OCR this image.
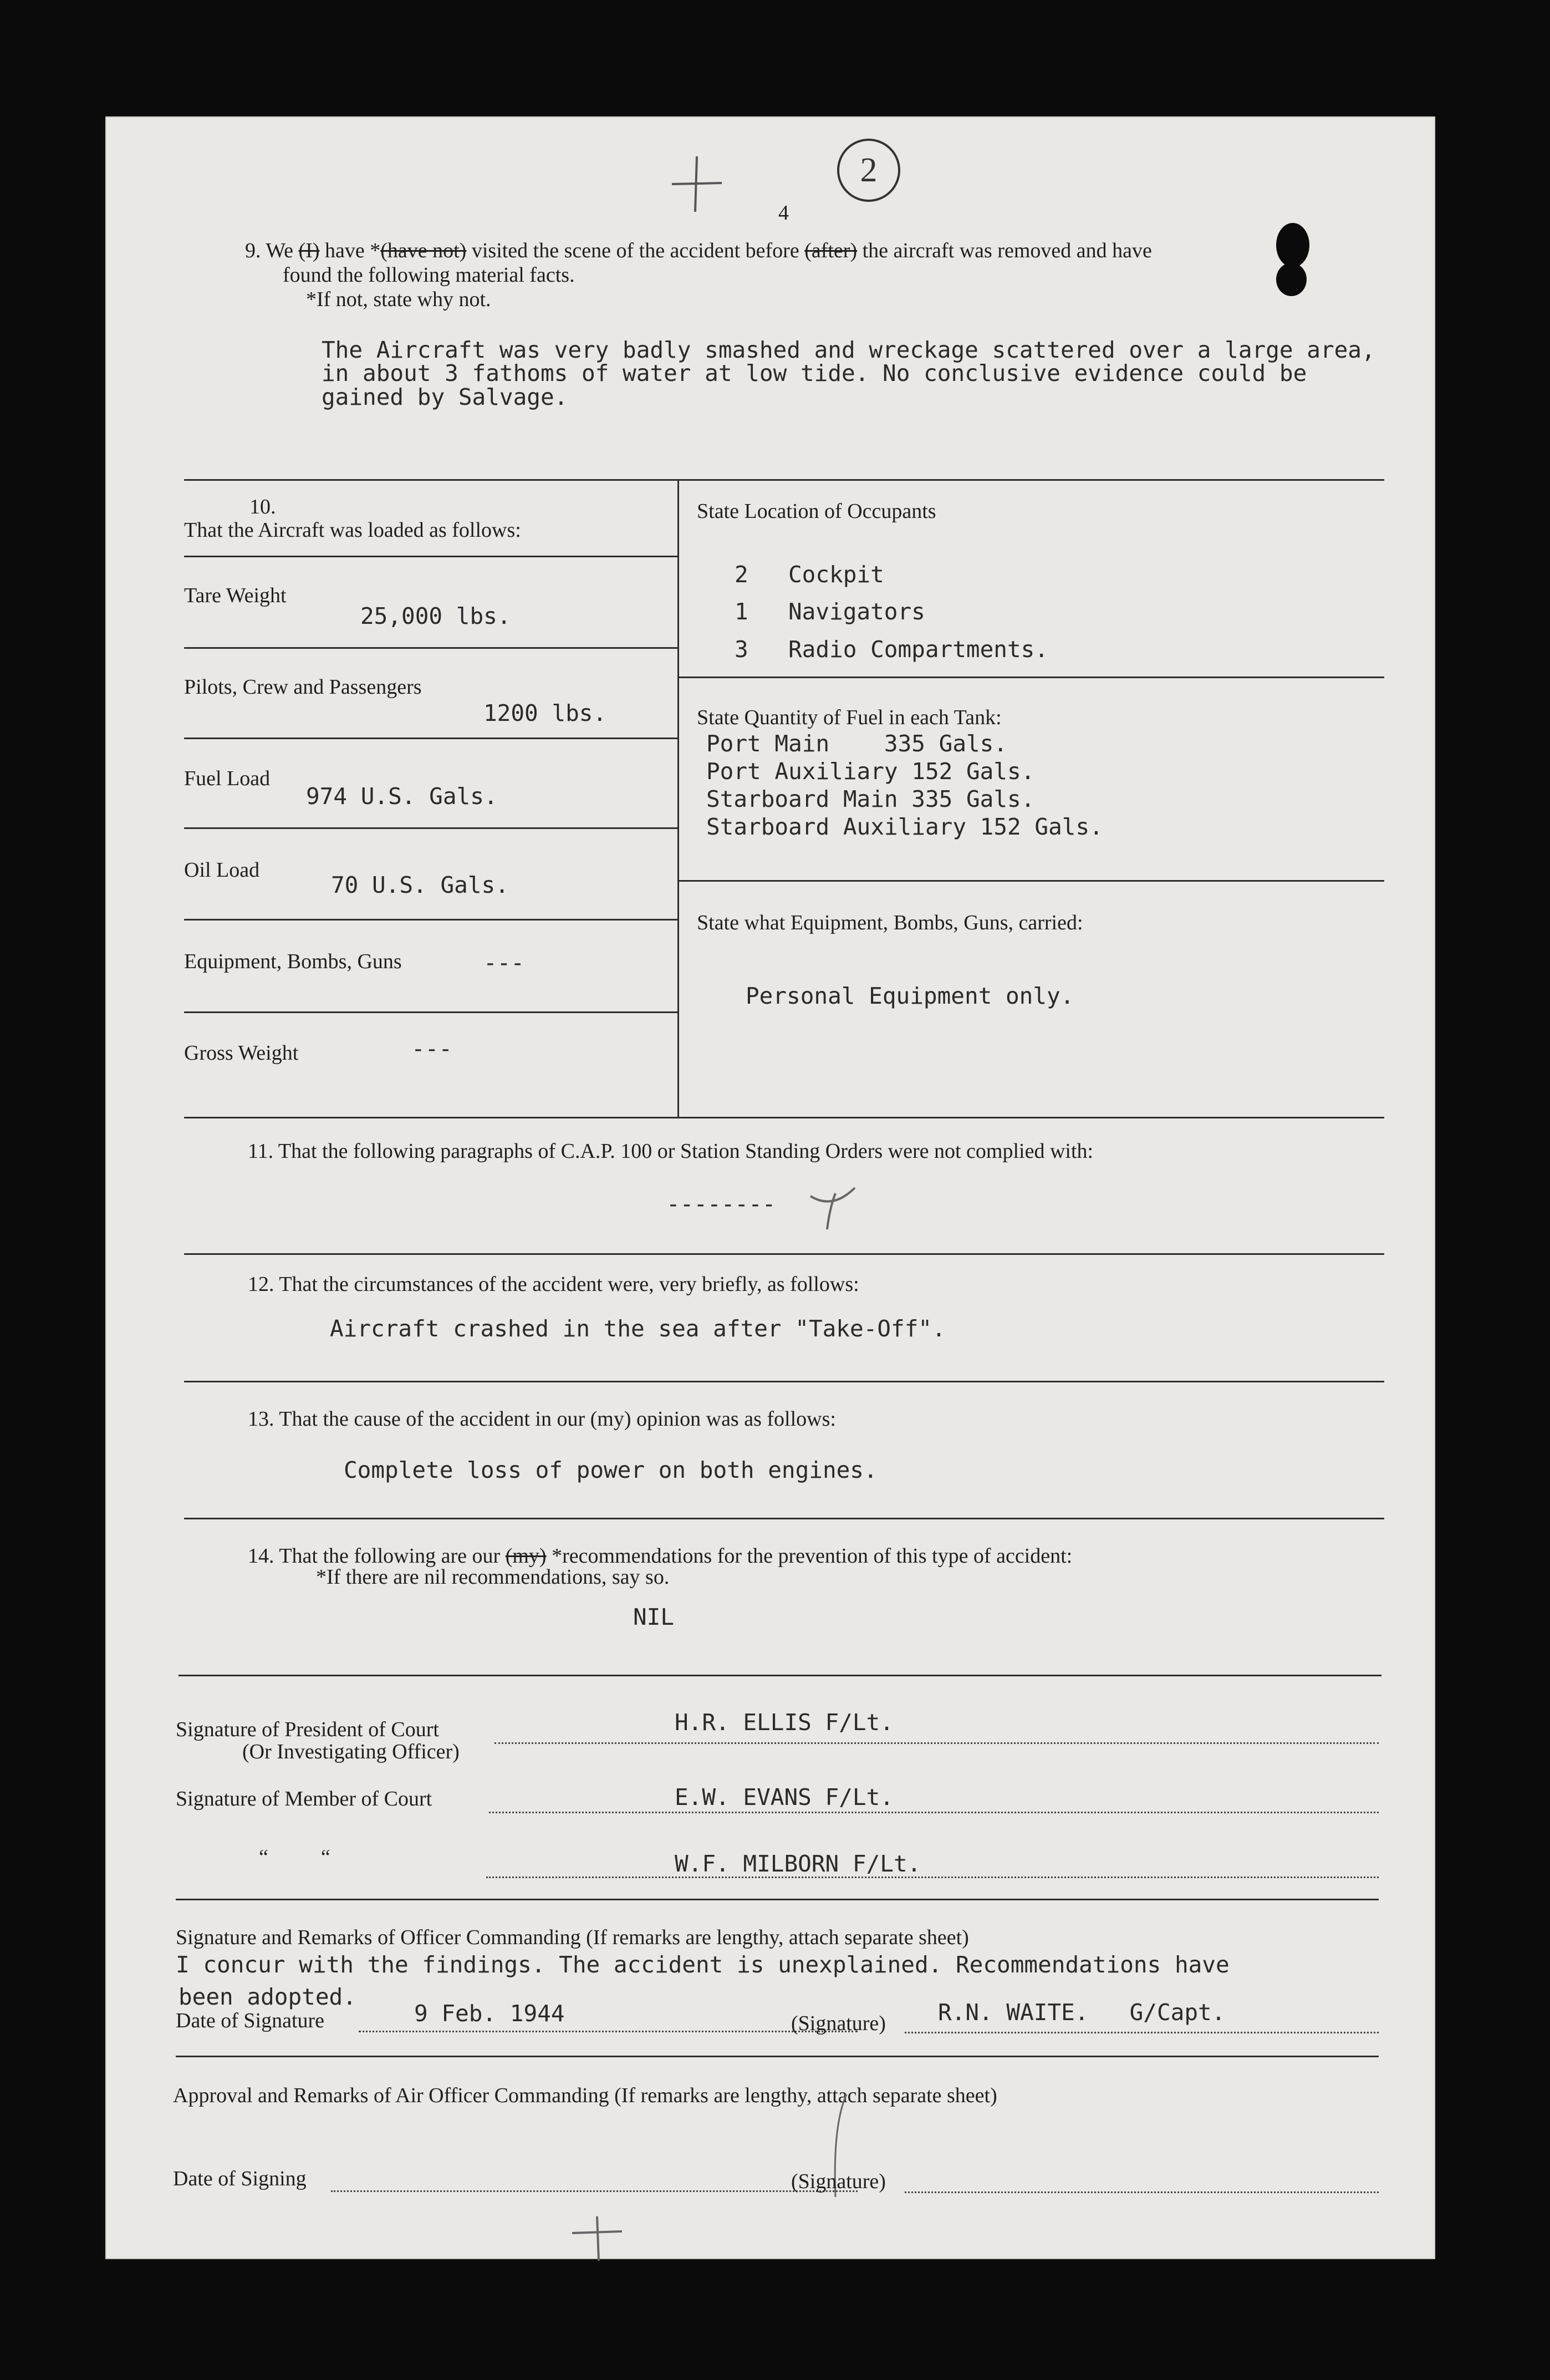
2
4
9. We (I) have *(have not) visited the scene of the accident before (after) the aircraft was removed and have
found the following material facts.
*If not, state why not.
The Aircraft was very badly smashed and wreckage scattered over a large area,
in about 3 fathoms of water at low tide. No conclusive evidence could be
gained by Salvage.
10.
That the Aircraft was loaded as follows:
Tare Weight
25,000 lbs.
Pilots, Crew and Passengers
1200 lbs.
Fuel Load
974 U.S. Gals.
Oil Load
70 U.S. Gals.
Equipment, Bombs, Guns	---
Gross Weight	---
State Location of Occupants
2 Cockpit
1 Navigators
3 Radio Compartments.
State Quantity of Fuel in each Tank:
Port Main    335 Gals.
Port Auxiliary 152 Gals.
Starboard Main 335 Gals.
Starboard Auxiliary 152 Gals.
State what Equipment, Bombs, Guns, carried:
Personal Equipment only.
11. That the following paragraphs of C.A.P. 100 or Station Standing Orders were not complied with:
--------
12. That the circumstances of the accident were, very briefly, as follows:
Aircraft crashed in the sea after "Take-Off".
13. That the cause of the accident in our (my) opinion was as follows:
Complete loss of power on both engines.
14. That the following are our (my) *recommendations for the prevention of this type of accident:
*If there are nil recommendations, say so.
NIL
Signature of President of Court	H.R. ELLIS F/Lt.
(Or Investigating Officer)
Signature of Member of Court	E.W. EVANS F/Lt.
“          “	W.F. MILBORN F/Lt.
Signature and Remarks of Officer Commanding (If remarks are lengthy, attach separate sheet)
I concur with the findings. The accident is unexplained. Recommendations have
been adopted.
Date of Signature	9 Feb. 1944	(Signature) R.N. WAITE.   G/Capt.
Approval and Remarks of Air Officer Commanding (If remarks are lengthy, attach separate sheet)
Date of Signing	(Signature)
